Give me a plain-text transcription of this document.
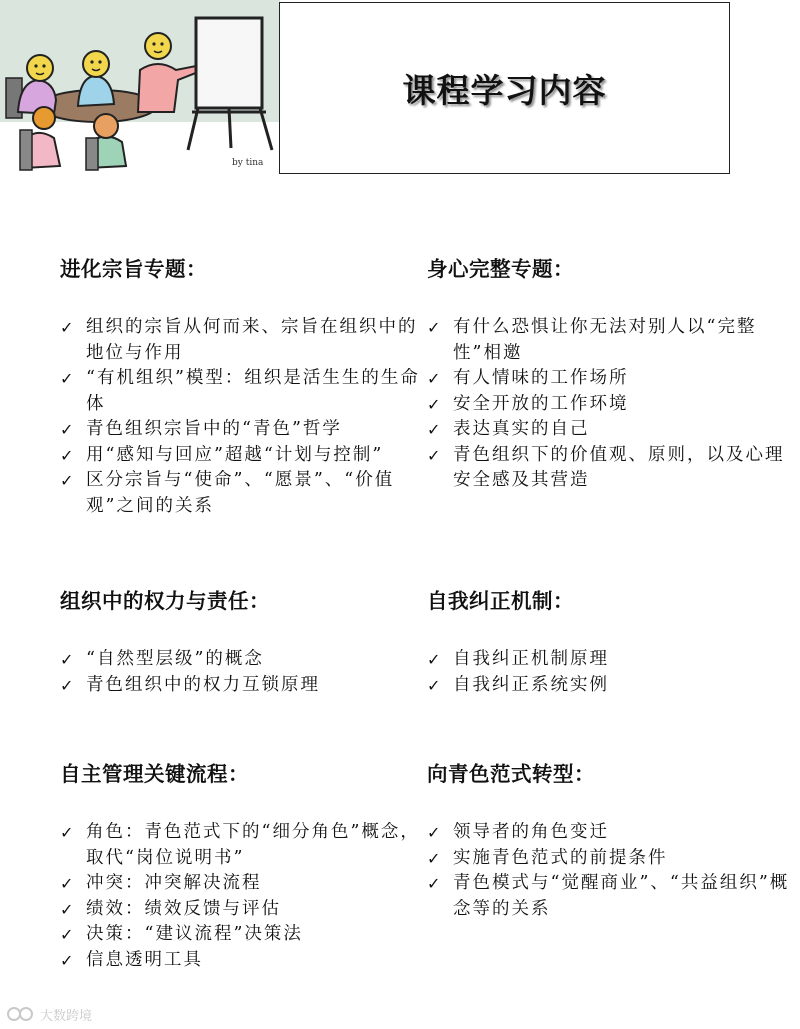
by tina
课程学习内容
进化宗旨专题：
✓ 组织的宗旨从何而来、宗旨在组织中的地位与作用
✓ “有机组织”模型：组织是活生生的生命体
✓ 青色组织宗旨中的“青色”哲学
✓ 用“感知与回应”超越“计划与控制”
✓ 区分宗旨与“使命”、“愿景”、“价值观”之间的关系
身心完整专题：
✓ 有什么恐惧让你无法对别人以“完整性”相邀
✓ 有人情味的工作场所
✓ 安全开放的工作环境
✓ 表达真实的自己
✓ 青色组织下的价值观、原则，以及心理安全感及其营造
组织中的权力与责任：
✓ “自然型层级”的概念
✓ 青色组织中的权力互锁原理
自我纠正机制：
✓ 自我纠正机制原理
✓ 自我纠正系统实例
自主管理关键流程：
✓ 角色：青色范式下的“细分角色”概念，取代“岗位说明书”
✓ 冲突：冲突解决流程
✓ 绩效：绩效反馈与评估
✓ 决策：“建议流程”决策法
✓ 信息透明工具
向青色范式转型：
✓ 领导者的角色变迁
✓ 实施青色范式的前提条件
✓ 青色模式与“觉醒商业”、“共益组织”概念等的关系
大数跨境
